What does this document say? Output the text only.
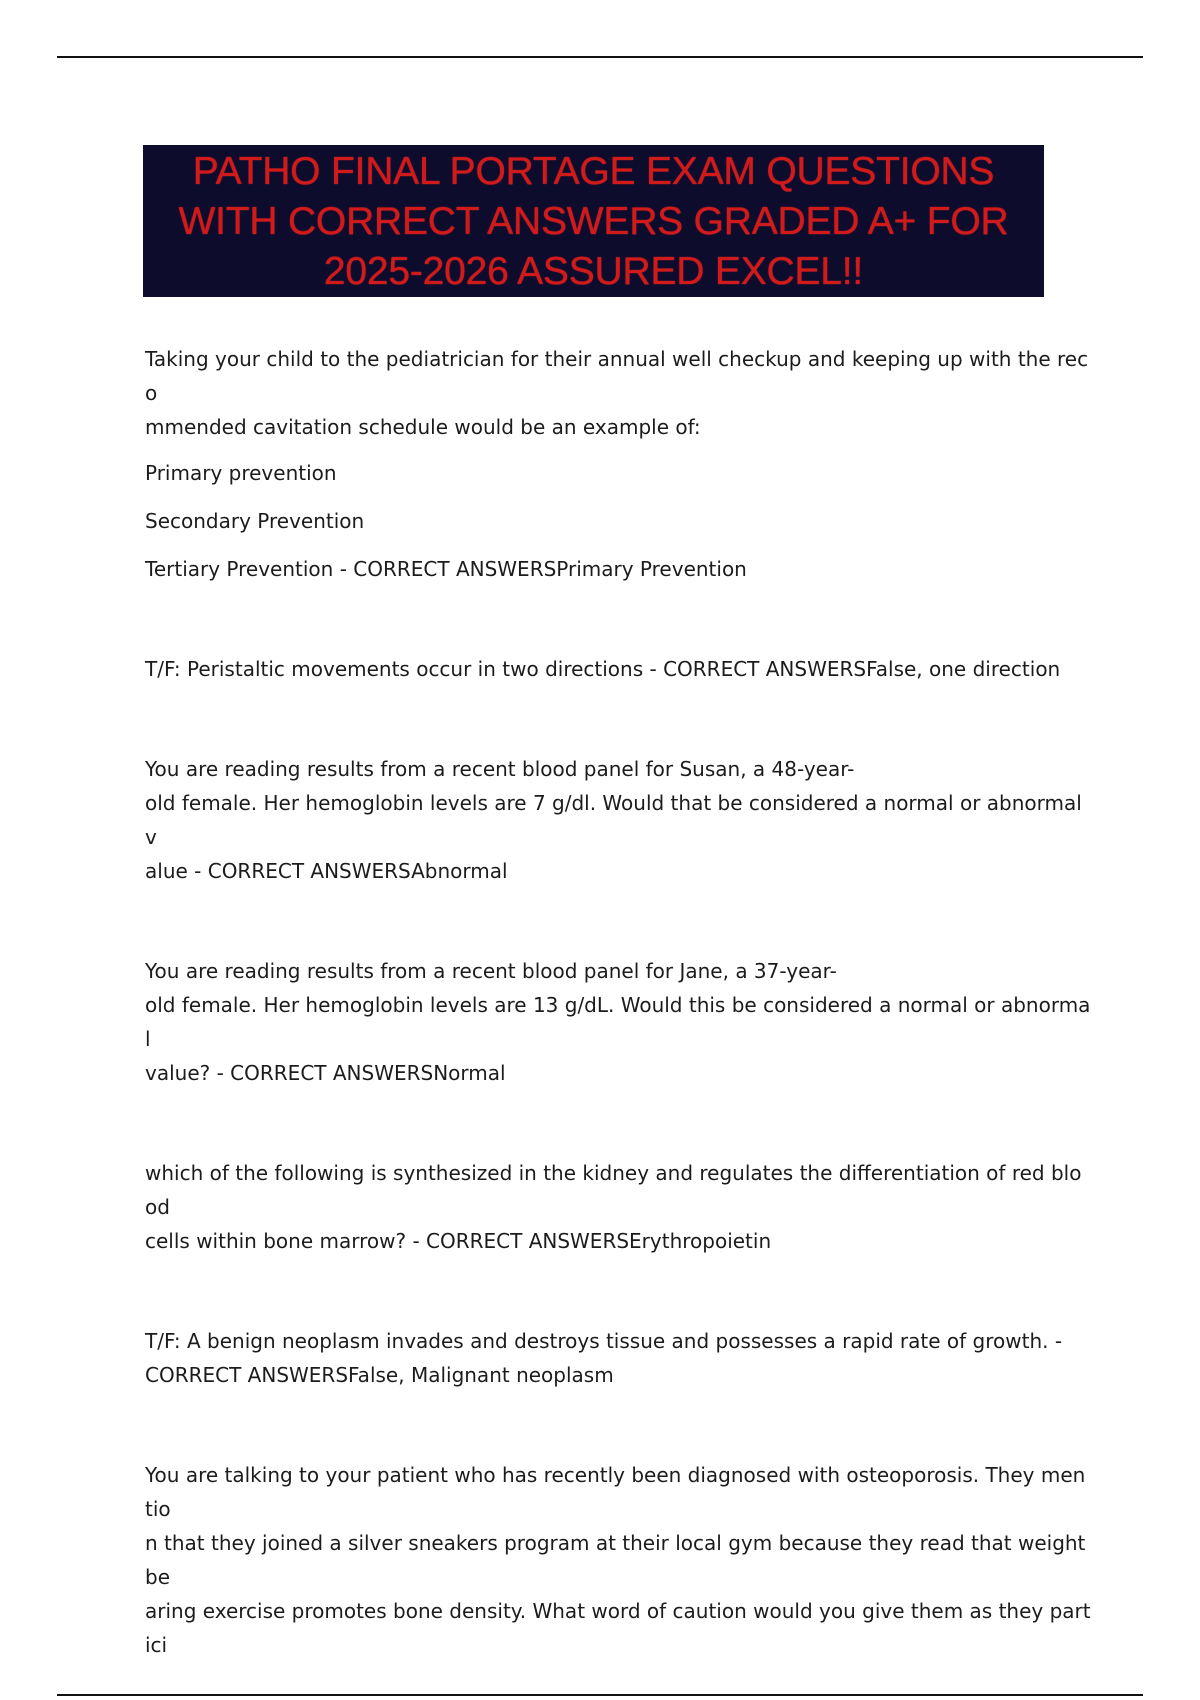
PATHO FINAL PORTAGE EXAM QUESTIONS WITH CORRECT ANSWERS GRADED A+ FOR 2025-2026 ASSURED EXCEL!!

Taking your child to the pediatrician for their annual well checkup and keeping up with the reco
mmended cavitation schedule would be an example of:

Primary prevention

Secondary Prevention

Tertiary Prevention - CORRECT ANSWERSPrimary Prevention

T/F: Peristaltic movements occur in two directions - CORRECT ANSWERSFalse, one direction

You are reading results from a recent blood panel for Susan, a 48-year-
old female. Her hemoglobin levels are 7 g/dl. Would that be considered a normal or abnormal v
alue - CORRECT ANSWERSAbnormal

You are reading results from a recent blood panel for Jane, a 37-year-
old female. Her hemoglobin levels are 13 g/dL. Would this be considered a normal or abnormal
value? - CORRECT ANSWERSNormal

which of the following is synthesized in the kidney and regulates the differentiation of red blood
cells within bone marrow? - CORRECT ANSWERSErythropoietin

T/F: A benign neoplasm invades and destroys tissue and possesses a rapid rate of growth. -
CORRECT ANSWERSFalse, Malignant neoplasm

You are talking to your patient who has recently been diagnosed with osteoporosis. They mentio
n that they joined a silver sneakers program at their local gym because they read that weight be
aring exercise promotes bone density. What word of caution would you give them as they partici
